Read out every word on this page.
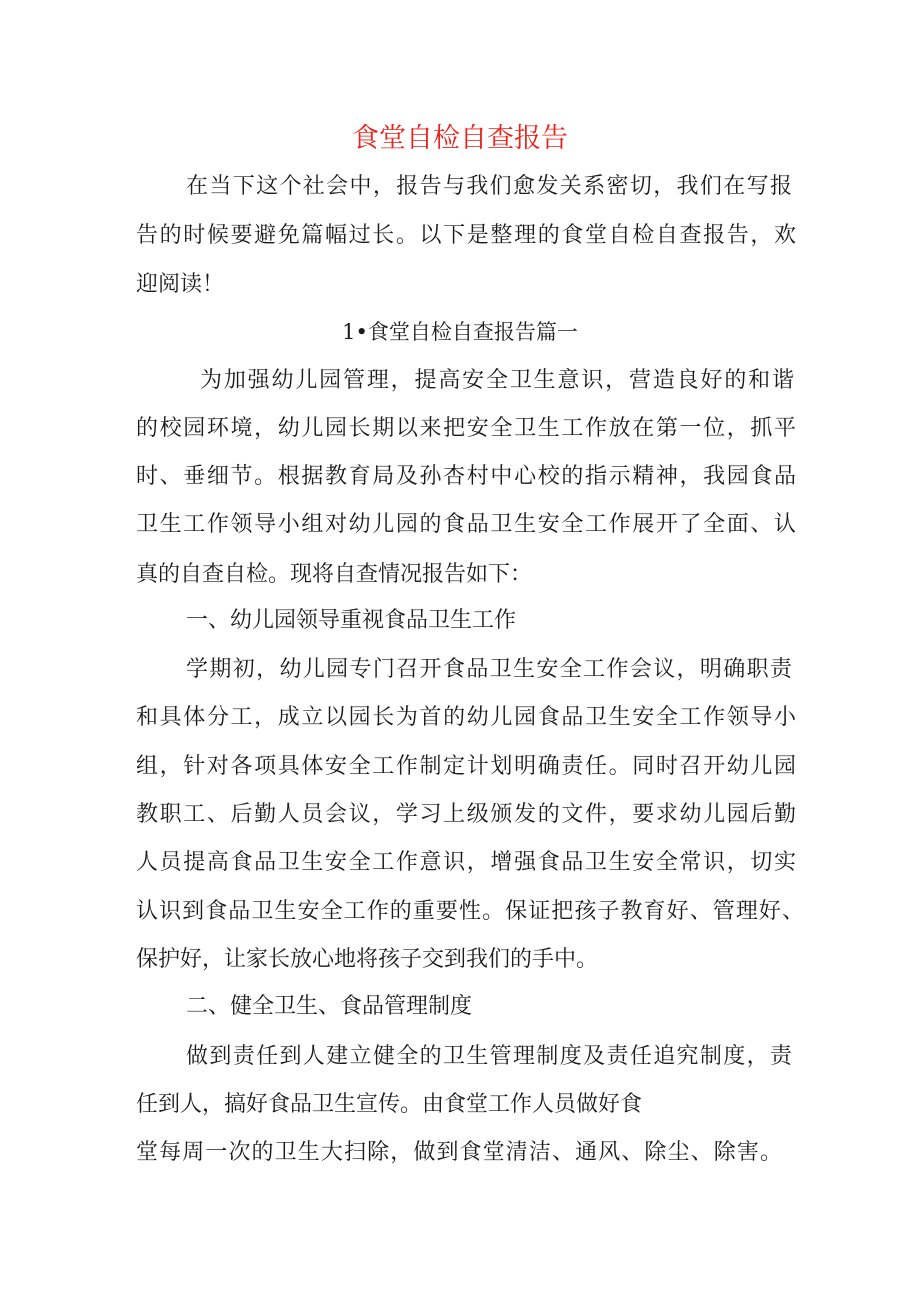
食堂自检自查报告

在当下这个社会中，报告与我们愈发关系密切，我们在写报

告的时候要避免篇幅过长。以下是整理的食堂自检自查报告，欢

迎阅读！

1•食堂自检自查报告篇一

为加强幼儿园管理，提高安全卫生意识，营造良好的和谐

的校园环境，幼儿园长期以来把安全卫生工作放在第一位，抓平

时、垂细节。根据教育局及孙杏村中心校的指示精神，我园食品

卫生工作领导小组对幼儿园的食品卫生安全工作展开了全面、认

真的自查自检。现将自查情况报告如下：

一、幼儿园领导重视食品卫生工作

学期初，幼儿园专门召开食品卫生安全工作会议，明确职责

和具体分工，成立以园长为首的幼儿园食品卫生安全工作领导小

组，针对各项具体安全工作制定计划明确责任。同时召开幼儿园

教职工、后勤人员会议，学习上级颁发的文件，要求幼儿园后勤

人员提高食品卫生安全工作意识，增强食品卫生安全常识，切实

认识到食品卫生安全工作的重要性。保证把孩子教育好、管理好、

保护好，让家长放心地将孩子交到我们的手中。

二、健全卫生、食品管理制度

做到责任到人建立健全的卫生管理制度及责任追究制度，责

任到人，搞好食品卫生宣传。由食堂工作人员做好食

堂每周一次的卫生大扫除，做到食堂清洁、通风、除尘、除害。
